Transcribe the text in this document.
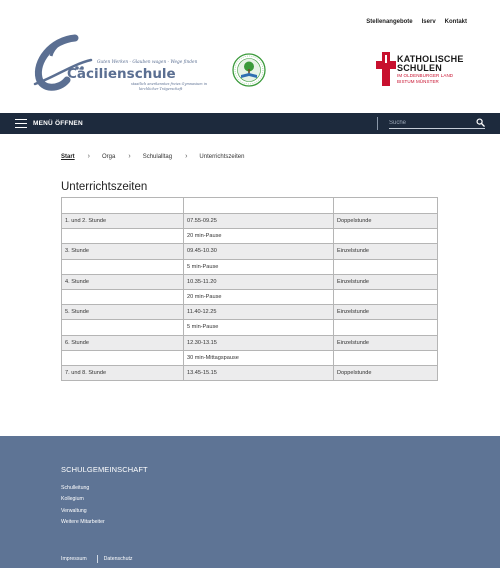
Stellenangebote Iserv Kontakt
Guten Werken - Glauben wagen - Wege finden
Cäcilienschule
staatlich anerkanntes freies Gymnasium in
kirchlicher Trägerschaft
KATHOLISCHE
SCHULEN
IM OLDENBURGER LAND
BISTUM MÜNSTER
MENÜ ÖFFNEN
Suche
Start › Orga › Schulalltag › Unterrichtszeiten
Unterrichtszeiten

1. und 2. Stunde	07.55-09.25	Doppelstunde
	20 min-Pause	
3. Stunde	09.45-10.30	Einzelstunde
	5 min-Pause	
4. Stunde	10.35-11.20	Einzelstunde
	20 min-Pause	
5. Stunde	11.40-12.25	Einzelstunde
	5 min-Pause	
6. Stunde	12.30-13.15	Einzelstunde
	30 min-Mittagspause	
7. und 8. Stunde	13.45-15.15	Doppelstunde
SCHULGEMEINSCHAFT
Schulleitung
Kollegium
Verwaltung
Weitere Mitarbeiter
Impressum	Datenschutz
